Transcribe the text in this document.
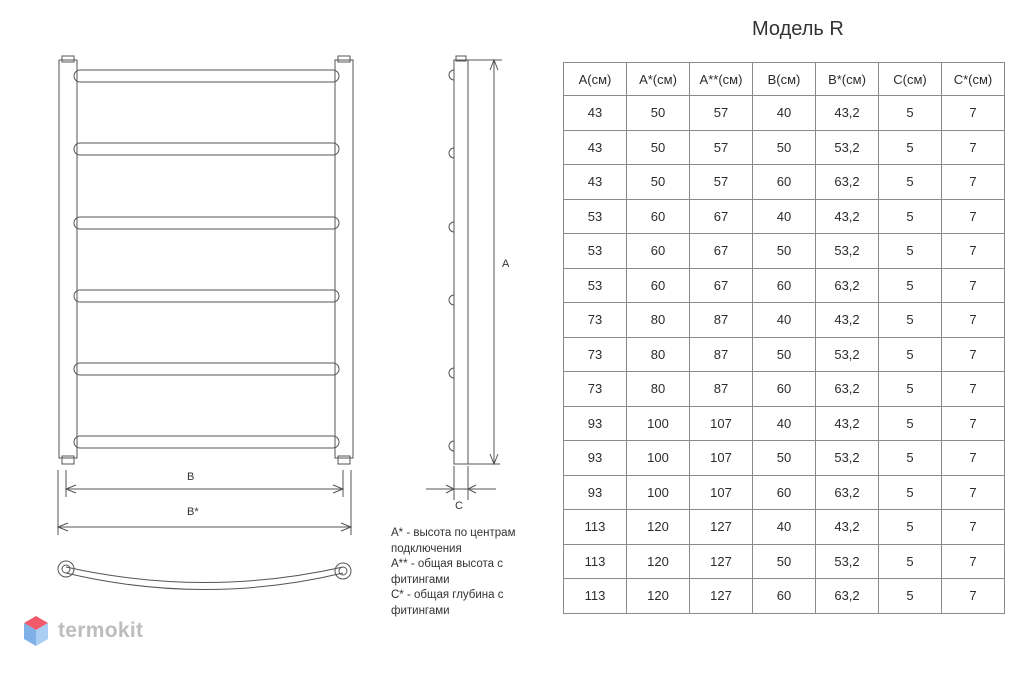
B
B*
A
C
Модель R
А(см)	А*(см)	А**(см)	В(см)	В*(см)	С(см)	С*(см)
43	50	57	40	43,2	5	7
43	50	57	50	53,2	5	7
43	50	57	60	63,2	5	7
53	60	67	40	43,2	5	7
53	60	67	50	53,2	5	7
53	60	67	60	63,2	5	7
73	80	87	40	43,2	5	7
73	80	87	50	53,2	5	7
73	80	87	60	63,2	5	7
93	100	107	40	43,2	5	7
93	100	107	50	53,2	5	7
93	100	107	60	63,2	5	7
113	120	127	40	43,2	5	7
113	120	127	50	53,2	5	7
113	120	127	60	63,2	5	7
А* - высота по центрам
подключения
А** - общая высота с
фитингами
С* - общая глубина с
фитингами
termokit
